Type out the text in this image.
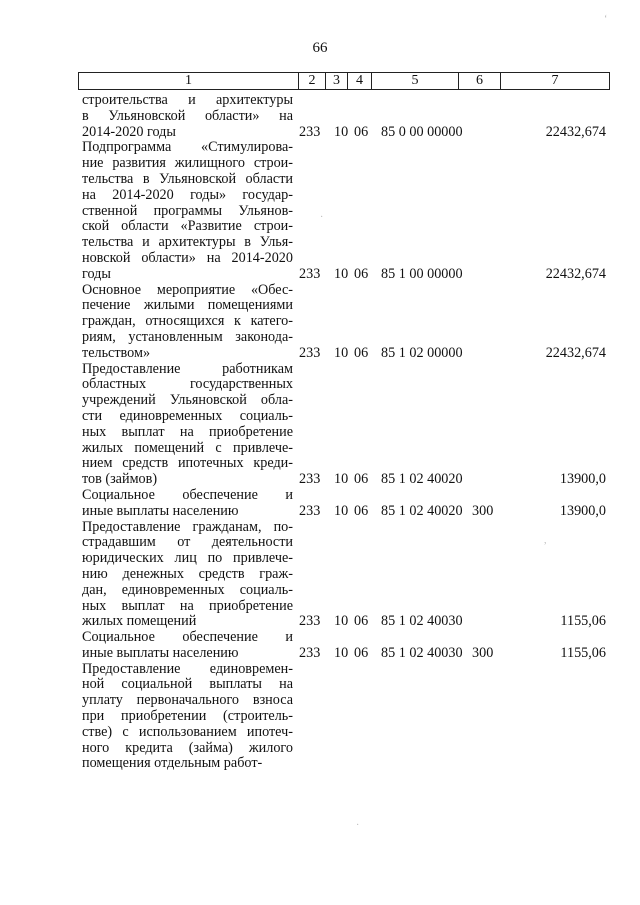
66
1	2	3	4	5	6	7
строительства и архитектуры
в Ульяновской области» на
2014-2020 годы	233 10 06 85 0 00 00000	22432,674
Подпрограмма «Стимулирова-
ние развития жилищного строи-
тельства в Ульяновской области
на 2014-2020 годы» государ-
ственной программы Ульянов-
ской области «Развитие строи-
тельства и архитектуры в Улья-
новской области» на 2014-2020
годы	233 10 06 85 1 00 00000	22432,674
Основное мероприятие «Обес-
печение жилыми помещениями
граждан, относящихся к катего-
риям, установленным законода-
тельством»	233 10 06 85 1 02 00000	22432,674
Предоставление работникам
областных государственных
учреждений Ульяновской обла-
сти единовременных социаль-
ных выплат на приобретение
жилых помещений с привлече-
нием средств ипотечных креди-
тов (займов)	233 10 06 85 1 02 40020	13900,0
Социальное обеспечение и
иные выплаты населению	233 10 06 85 1 02 40020 300	13900,0
Предоставление гражданам, по-
страдавшим от деятельности
юридических лиц по привлече-
нию денежных средств граж-
дан, единовременных социаль-
ных выплат на приобретение
жилых помещений	233 10 06 85 1 02 40030	1155,06
Социальное обеспечение и
иные выплаты населению	233 10 06 85 1 02 40030 300	1155,06
Предоставление единовремен-
ной социальной выплаты на
уплату первоначального взноса
при приобретении (строитель-
стве) с использованием ипотеч-
ного кредита (займа) жилого
помещения отдельным работ-
‘
·
,
·
